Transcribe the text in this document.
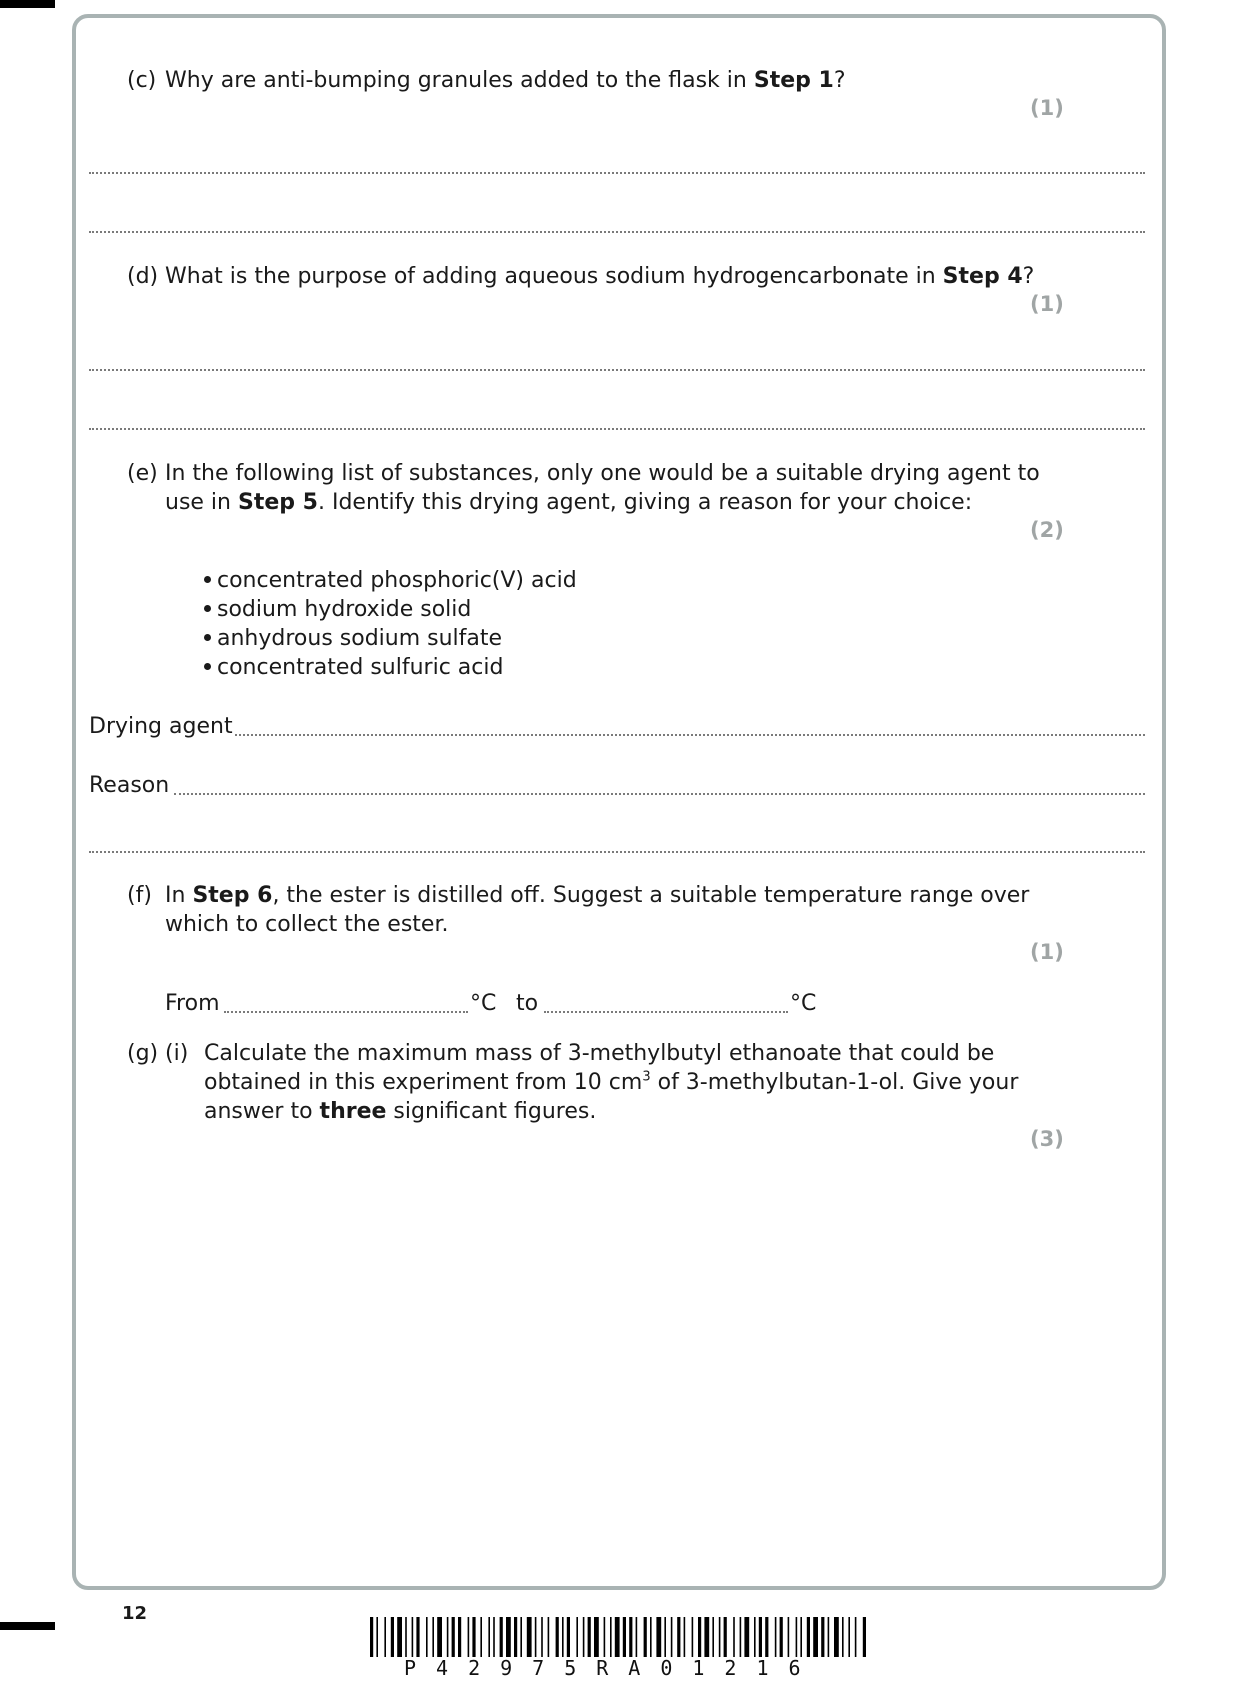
(c) Why are anti-bumping granules added to the flask in Step 1?
(1)
(d) What is the purpose of adding aqueous sodium hydrogencarbonate in Step 4?
(1)
(e) In the following list of substances, only one would be a suitable drying agent to
use in Step 5. Identify this drying agent, giving a reason for your choice:
(2)
concentrated phosphoric(V) acid
sodium hydroxide solid
anhydrous sodium sulfate
concentrated sulfuric acid
Drying agent
Reason
(f) In Step 6, the ester is distilled off. Suggest a suitable temperature range over
which to collect the ester.
(1)
From	°C to	°C
(g) (i) Calculate the maximum mass of 3-methylbutyl ethanoate that could be
obtained in this experiment from 10 $cm^3$ of 3-methylbutan-1-ol. Give your
answer to three significant figures.
(3)
12
P42975RA01216
